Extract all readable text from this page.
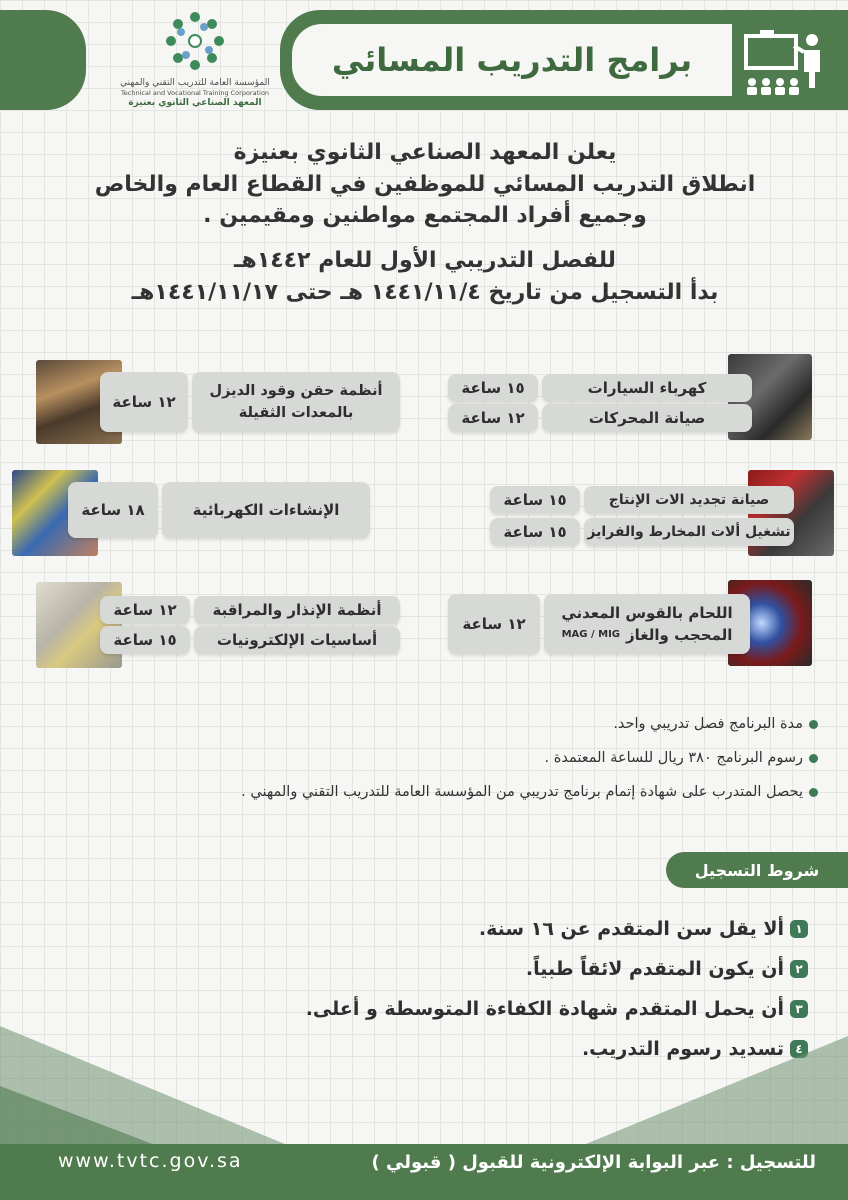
المؤسسة العامة للتدريب التقني والمهني
Technical and Vocational Training Corporation
المعهد الصناعي الثانوي بعنيزة
برامج التدريب المسائي
يعلن المعهد الصناعي الثانوي بعنيزة
انطلاق التدريب المسائي للموظفين في القطاع العام والخاص
وجميع أفراد المجتمع مواطنين ومقيمين .
للفصل التدريبي الأول للعام ١٤٤٢هـ
بدأ التسجيل من تاريخ ١٤٤١/١١/٤ هـ حتى ١٤٤١/١١/١٧هـ
كهرباء السيارات
١٥ ساعة
صيانة المحركات
١٢ ساعة
أنظمة حقن وقود الديزل بالمعدات الثقيلة
١٢ ساعة
صيانة تجديد الات الإنتاج
١٥ ساعة
تشغيل ألات المخارط والفرايز
١٥ ساعة
الإنشاءات الكهربائية
١٨ ساعة
اللحام بالقوس المعدني
المحجب والغاز
MAG / MIG
١٢ ساعة
أنظمة الإنذار والمراقبة
١٢ ساعة
أساسيات الإلكترونيات
١٥ ساعة
مدة البرنامج فصل تدريبي واحد.
رسوم البرنامج ٣٨٠ ريال للساعة المعتمدة .
يحصل المتدرب على شهادة إتمام برنامج تدريبي من المؤسسة العامة للتدريب التقني والمهني .
شروط التسجيل
١
ألا يقل سن المتقدم عن ١٦ سنة.
٢
أن يكون المتقدم لائقاً طبياً.
٣
أن يحمل المتقدم شهادة الكفاءة المتوسطة و أعلى.
٤
تسديد رسوم التدريب.
www.tvtc.gov.sa	للتسجيل : عبر البوابة الإلكترونية للقبول ( قبولي )
